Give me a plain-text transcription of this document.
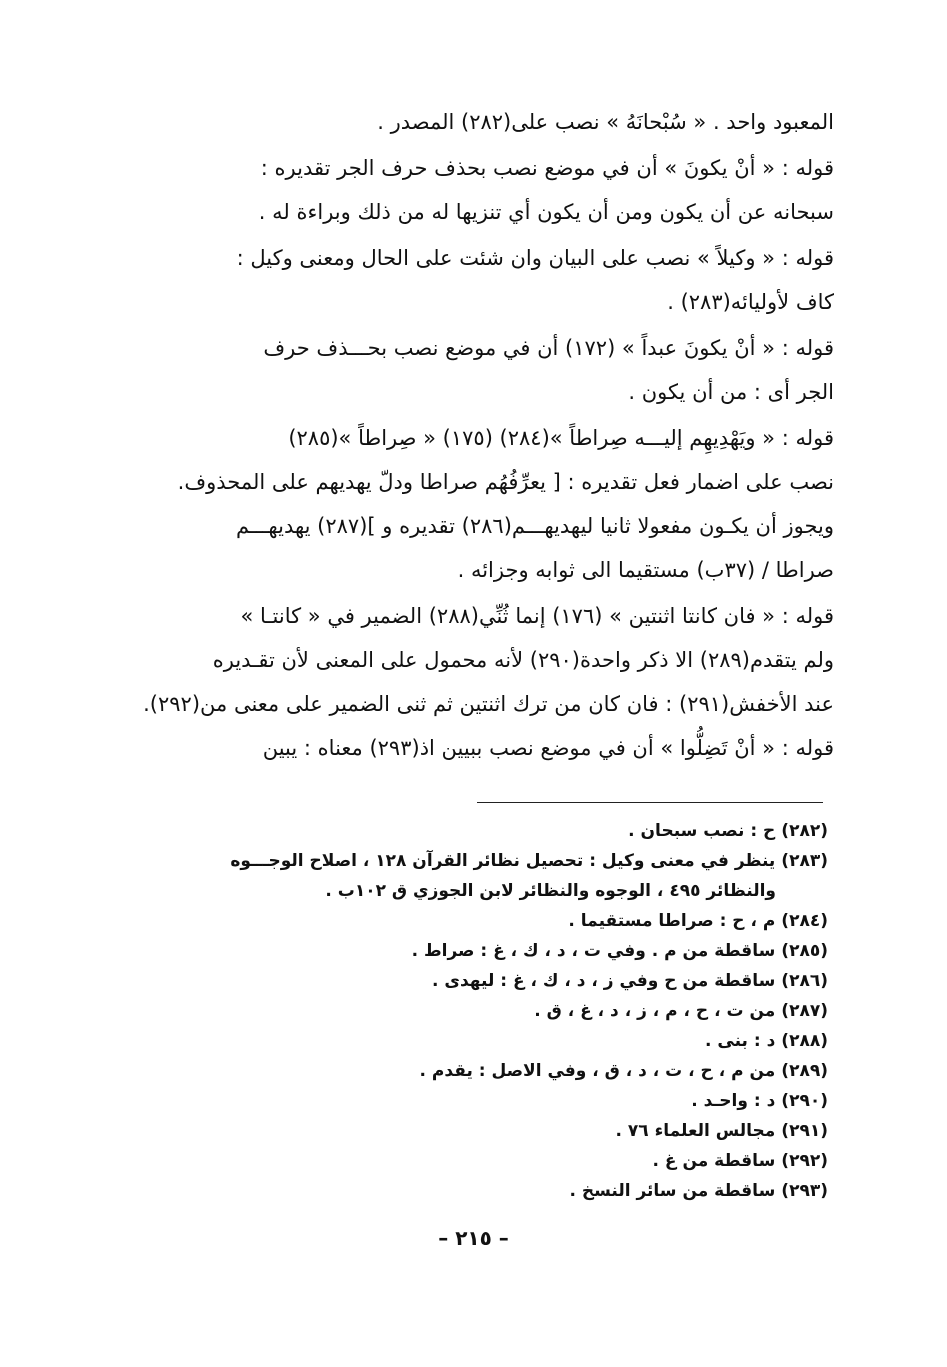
المعبود واحد . « سُبْحانَهُ » نصب على(٢٨٢) المصدر .
قوله : « أنْ يكونَ » أن في موضع نصب بحذف حرف الجر تقديره :
سبحانه عن أن يكون ومن أن يكون أي تنزيها له من ذلك وبراءة له .
قوله : « وكيلاً » نصب على البيان وان شئت على الحال ومعنى وكيل :
كاف لأوليائه(٢٨٣) .
قوله : « أنْ يكونَ عبداً » (١٧٢) أن في موضع نصب بحـــذف حرف
الجر أى : من أن يكون .
قوله : « ويَهْدِيهِم إليـــه صِراطاً »(٢٨٤) (١٧٥) « صِراطاً »(٢٨٥)
نصب على اضمار فعل تقديره : [ يعرِّفُهُم صراطا ودلّ يهديهم على المحذوف.
ويجوز أن يكـون مفعولا ثانيا ليهديهـــم(٢٨٦) تقديره و ](٢٨٧) يهديهـــم
صراطا / (٣٧ب) مستقيما الى ثوابه وجزائه .
قوله : « فان كانتا اثنتين » (١٧٦) إنما ثُنِّي(٢٨٨) الضمير في « كانتـا »
ولم يتقدم(٢٨٩) الا ذكر واحدة(٢٩٠) لأنه محمول على المعنى لأن تقـديره
عند الأخفش(٢٩١) : فان كان من ترك اثنتين ثم ثنى الضمير على معنى من(٢٩٢).
قوله : « أنْ تَضِلُّوا » أن في موضع نصب ببيين اذ(٢٩٣) معناه : يبين
(٢٨٢)ح : نصب سبحان .
(٢٨٣)ينظر في معنى وكيل : تحصيل نظائر القرآن ١٢٨ ، اصلاح الوجـــوه
والنظائر ٤٩٥ ، الوجوه والنظائر لابن الجوزي ق ١٠٢ب .
(٢٨٤)م ، ح : صراطا مستقيما .
(٢٨٥)ساقطة من م . وفي ت ، د ، ك ، غ : صراط .
(٢٨٦)ساقطة من ح وفي ز ، د ، ك ، غ : ليهدى .
(٢٨٧)من ت ، ح ، م ، ز ، د ، غ ، ق .
(٢٨٨)د : بنى .
(٢٨٩)من م ، ح ، ت ، د ، ق ، وفي الاصل : يقدم .
(٢٩٠)د : واحـد .
(٢٩١)مجالس العلماء ٧٦ .
(٢٩٢)ساقطة من غ .
(٢٩٣)ساقطة من سائر النسخ .
– ٢١٥ –
